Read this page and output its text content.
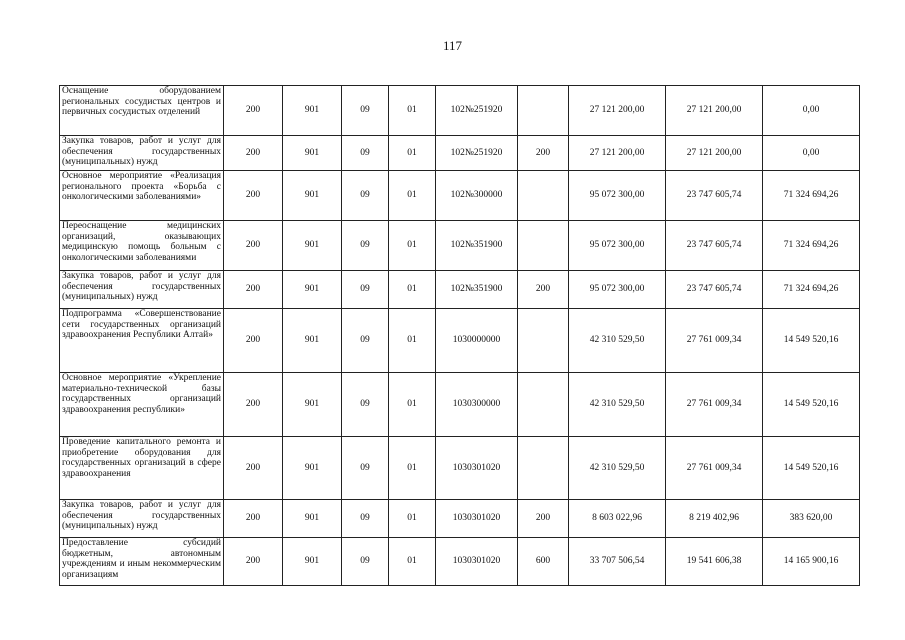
117
Оснащение оборудованием региональных сосудистых центров и первичных сосудистых отделений	200	901	09	01	102№251920		27 121 200,00	27 121 200,00	0,00
Закупка товаров, работ и услуг для обеспечения государственных (муниципальных) нужд	200	901	09	01	102№251920	200	27 121 200,00	27 121 200,00	0,00
Основное мероприятие «Реализация регионального проекта «Борьба с онкологическими заболеваниями»	200	901	09	01	102№300000		95 072 300,00	23 747 605,74	71 324 694,26
Переоснащение медицинских организаций, оказывающих медицинскую помощь больным с онкологическими заболеваниями	200	901	09	01	102№351900		95 072 300,00	23 747 605,74	71 324 694,26
Закупка товаров, работ и услуг для обеспечения государственных (муниципальных) нужд	200	901	09	01	102№351900	200	95 072 300,00	23 747 605,74	71 324 694,26
Подпрограмма «Совершенствование сети государственных организаций здравоохранения Республики Алтай»	200	901	09	01	1030000000		42 310 529,50	27 761 009,34	14 549 520,16
Основное мероприятие «Укрепление материально-технической базы государственных организаций здравоохранения республики»	200	901	09	01	1030300000		42 310 529,50	27 761 009,34	14 549 520,16
Проведение капитального ремонта и приобретение оборудования для государственных организаций в сфере здравоохранения	200	901	09	01	1030301020		42 310 529,50	27 761 009,34	14 549 520,16
Закупка товаров, работ и услуг для обеспечения государственных (муниципальных) нужд	200	901	09	01	1030301020	200	8 603 022,96	8 219 402,96	383 620,00
Предоставление субсидий бюджетным, автономным учреждениям и иным некоммерческим организациям	200	901	09	01	1030301020	600	33 707 506,54	19 541 606,38	14 165 900,16
